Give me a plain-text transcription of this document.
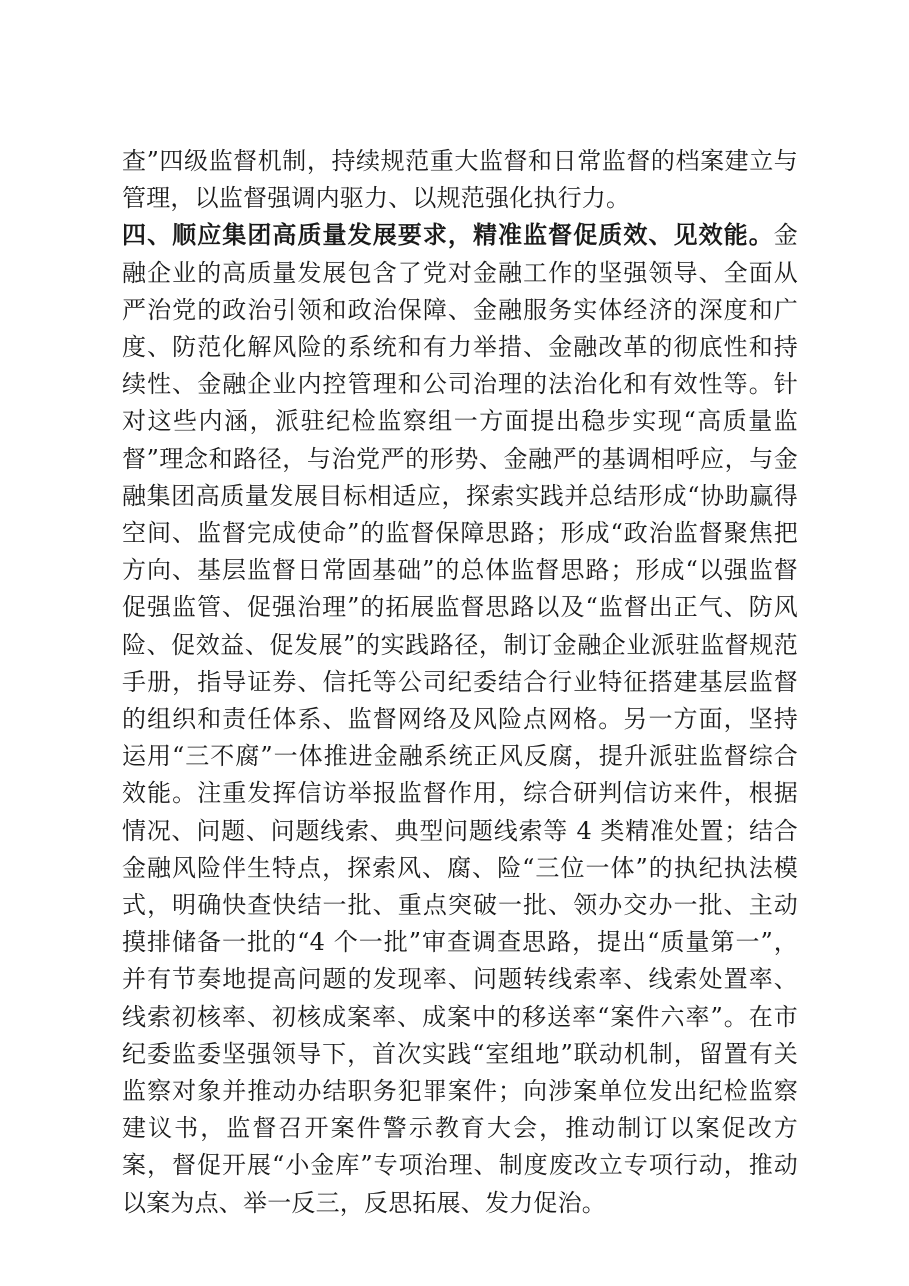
查”四级监督机制，持续规范重大监督和日常监督的档案建立与管理，以监督强调内驱力、以规范强化执行力。

四、顺应集团高质量发展要求，精准监督促质效、见效能。金融企业的高质量发展包含了党对金融工作的坚强领导、全面从严治党的政治引领和政治保障、金融服务实体经济的深度和广度、防范化解风险的系统和有力举措、金融改革的彻底性和持续性、金融企业内控管理和公司治理的法治化和有效性等。针对这些内涵，派驻纪检监察组一方面提出稳步实现“高质量监督”理念和路径，与治党严的形势、金融严的基调相呼应，与金融集团高质量发展目标相适应，探索实践并总结形成“协助赢得空间、监督完成使命”的监督保障思路；形成“政治监督聚焦把方向、基层监督日常固基础”的总体监督思路；形成“以强监督促强监管、促强治理”的拓展监督思路以及“监督出正气、防风险、促效益、促发展”的实践路径，制订金融企业派驻监督规范手册，指导证券、信托等公司纪委结合行业特征搭建基层监督的组织和责任体系、监督网络及风险点网格。另一方面，坚持运用“三不腐”一体推进金融系统正风反腐，提升派驻监督综合效能。注重发挥信访举报监督作用，综合研判信访来件，根据情况、问题、问题线索、典型问题线索等 4 类精准处置；结合金融风险伴生特点，探索风、腐、险“三位一体”的执纪执法模式，明确快查快结一批、重点突破一批、领办交办一批、主动摸排储备一批的“4 个一批”审查调查思路，提出“质量第一”，并有节奏地提高问题的发现率、问题转线索率、线索处置率、线索初核率、初核成案率、成案中的移送率“案件六率”。在市纪委监委坚强领导下，首次实践“室组地”联动机制，留置有关监察对象并推动办结职务犯罪案件；向涉案单位发出纪检监察建议书，监督召开案件警示教育大会，推动制订以案促改方案，督促开展“小金库”专项治理、制度废改立专项行动，推动以案为点、举一反三，反思拓展、发力促治。
